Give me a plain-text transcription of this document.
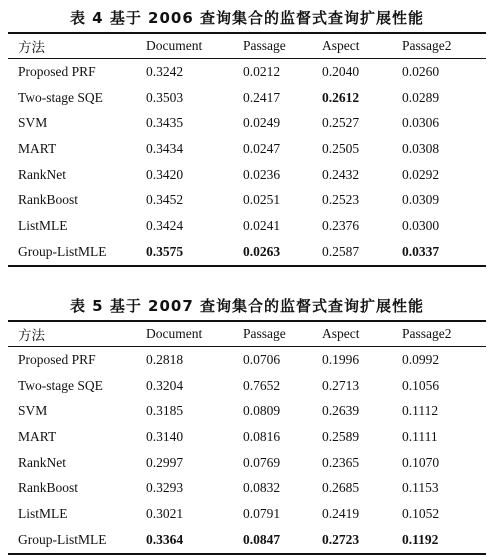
表 4 基于 2006 查询集合的监督式查询扩展性能
方法	Document	Passage	Aspect	Passage2
Proposed PRF	0.3242	0.0212	0.2040	0.0260
Two-stage SQE	0.3503	0.2417	0.2612	0.0289
SVM	0.3435	0.0249	0.2527	0.0306
MART	0.3434	0.0247	0.2505	0.0308
RankNet	0.3420	0.0236	0.2432	0.0292
RankBoost	0.3452	0.0251	0.2523	0.0309
ListMLE	0.3424	0.0241	0.2376	0.0300
Group-ListMLE	0.3575	0.0263	0.2587	0.0337
表 5 基于 2007 查询集合的监督式查询扩展性能
方法	Document	Passage	Aspect	Passage2
Proposed PRF	0.2818	0.0706	0.1996	0.0992
Two-stage SQE	0.3204	0.7652	0.2713	0.1056
SVM	0.3185	0.0809	0.2639	0.1112
MART	0.3140	0.0816	0.2589	0.1111
RankNet	0.2997	0.0769	0.2365	0.1070
RankBoost	0.3293	0.0832	0.2685	0.1153
ListMLE	0.3021	0.0791	0.2419	0.1052
Group-ListMLE	0.3364	0.0847	0.2723	0.1192
